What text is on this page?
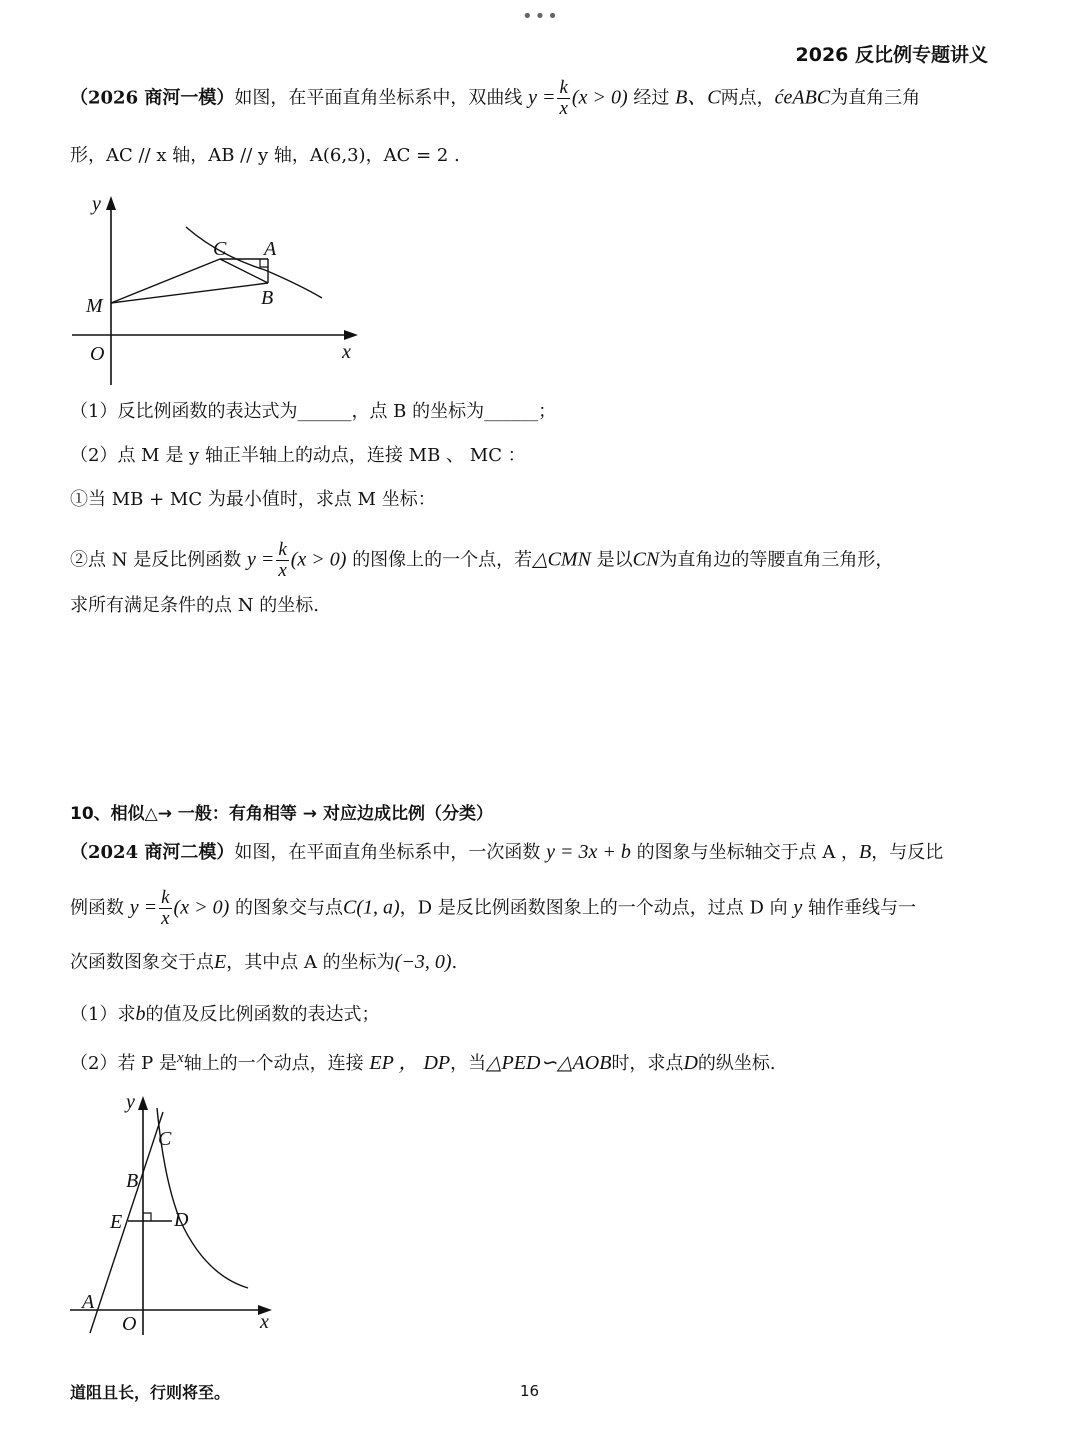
•••
2026 反比例专题讲义
（2026 商河一模）如图，在平面直角坐标系中，双曲线 $y = \frac{k}{x} (x > 0)$ 经过 B、C两点，ćeABC为直角三角
形，AC // x 轴，AB // y 轴，A(6,3)，AC = 2 .
y
x
O
M
C A
B
（1）反比例函数的表达式为______，点 B 的坐标为______；
（2）点 M 是 y 轴正半轴上的动点，连接 MB 、 MC ：
①当 MB + MC 为最小值时，求点 M 坐标：
②点 N 是反比例函数 $y = \frac{k}{x} (x > 0)$ 的图像上的一个点，若△CMN 是以CN为直角边的等腰直角三角形，
求所有满足条件的点 N 的坐标.
10、相似△→ 一般：有角相等 → 对应边成比例（分类）
（2024 商河二模）如图，在平面直角坐标系中，一次函数 y = 3x + b 的图象与坐标轴交于点 A ，B，与反比
例函数 $y = \frac{k}{x} (x > 0)$ 的图象交与点C(1, a)，D 是反比例函数图象上的一个动点，过点 D 向 y 轴作垂线与一
次函数图象交于点E，其中点 A 的坐标为(−3, 0).
（1）求b的值及反比例函数的表达式；
（2）若 P 是$^x$轴上的一个动点，连接 EP ， DP，当△PED∽△AOB时，求点D的纵坐标.
y
x
O
A
B
C
E	D
道阻且长，行则将至。	16
